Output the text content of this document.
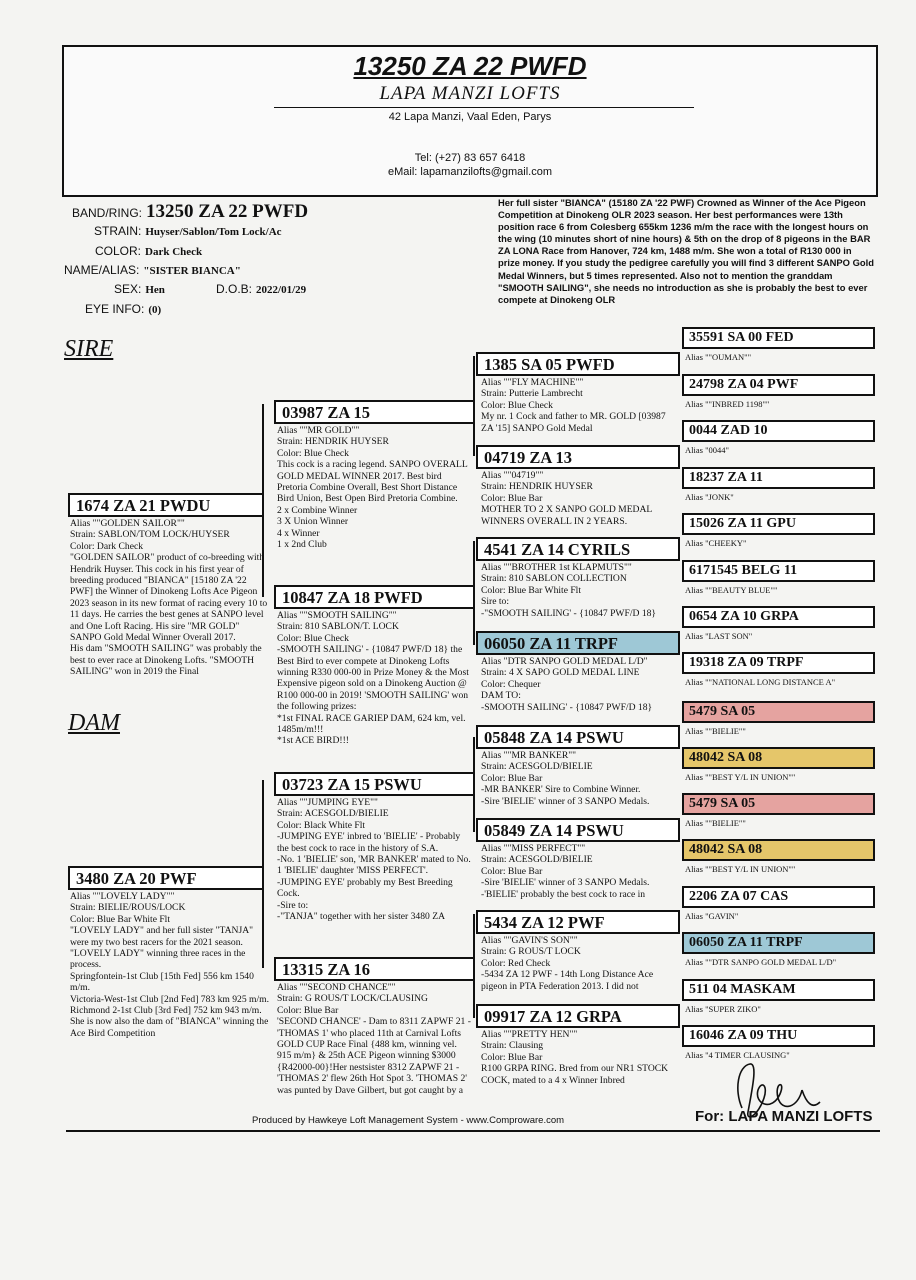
13250 ZA 22 PWFD
LAPA MANZI LOFTS
42 Lapa Manzi, Vaal Eden, Parys
Tel: (+27) 83 657 6418
eMail: lapamanzilofts@gmail.com
BAND/RING: 13250 ZA 22 PWFD
STRAIN: Huyser/Sablon/Tom Lock/Ac
COLOR: Dark Check
NAME/ALIAS: "SISTER BIANCA"
SEX: Hen	D.O.B: 2022/01/29
EYE INFO: (0)
Her full sister "BIANCA" (15180 ZA '22 PWF) Crowned as Winner of the Ace Pigeon Competition at Dinokeng OLR 2023 season. Her best performances were 13th position race 6 from Colesberg 655km 1236 m/m the race with the longest hours on the wing (10 minutes short of nine hours) & 5th on the drop of 8 pigeons in the BAR ZA LONA Race from Hanover, 724 km, 1488 m/m. She won a total of R130 000 in prize money. If you study the pedigree carefully you will find 3 different SANPO Gold Medal Winners, but 5 times represented. Also not to mention the granddam "SMOOTH SAILING", she needs no introduction as she is probably the best to ever compete at Dinokeng OLR
SIRE
DAM
1674 ZA 21 PWDU
Alias ""GOLDEN SAILOR""
Strain: SABLON/TOM LOCK/HUYSER
Color: Dark Check
"GOLDEN SAILOR" product of co-breeding with Hendrik Huyser. This cock in his first year of breeding produced "BIANCA" [15180 ZA '22 PWF] the Winner of Dinokeng Lofts Ace Pigeon 2023 season in its new format of racing every 10 to 11 days. He carries the best genes at SANPO level and One Loft Racing. His sire "MR GOLD" SANPO Gold Medal Winner Overall 2017.
His dam "SMOOTH SAILING" was probably the best to ever race at Dinokeng Lofts. "SMOOTH SAILING" won in 2019 the Final
3480 ZA 20 PWF
Alias ""LOVELY LADY""
Strain: BIELIE/ROUS/LOCK
Color: Blue Bar White Flt
"LOVELY LADY" and her full sister "TANJA" were my two best racers for the 2021 season. "LOVELY LADY" winning three races in the process.
Springfontein-1st Club [15th Fed] 556 km 1540 m/m.
Victoria-West-1st Club [2nd Fed] 783 km 925 m/m.
Richmond 2-1st Club [3rd Fed] 752 km 943 m/m.
She is now also the dam of "BIANCA" winning the Ace Bird Competition
03987 ZA 15
Alias ""MR GOLD""
Strain: HENDRIK HUYSER
Color: Blue Check
This cock is a racing legend. SANPO OVERALL GOLD MEDAL WINNER 2017. Best bird Pretoria Combine Overall, Best Short Distance Bird Union, Best Open Bird Pretoria Combine.
2 x Combine Winner
3 X Union Winner
4 x Winner
1 x 2nd Club
10847 ZA 18 PWFD
Alias ""SMOOTH SAILING""
Strain: 810 SABLON/T. LOCK
Color: Blue Check
-SMOOTH SAILING' - {10847 PWF/D 18} the Best Bird to ever compete at Dinokeng Lofts winning R330 000-00 in Prize Money & the Most Expensive pigeon sold on a Dinokeng Auction @ R100 000-00 in 2019! 'SMOOTH SAILING' won the following prizes:
*1st FINAL RACE GARIEP DAM, 624 km, vel. 1485m/m!!!
*1st ACE BIRD!!!
03723 ZA 15 PSWU
Alias ""JUMPING EYE""
Strain: ACESGOLD/BIELIE
Color: Black White Flt
-JUMPING EYE' inbred to 'BIELIE' - Probably the best cock to race in the history of S.A.
-No. 1 'BIELIE' son, 'MR BANKER' mated to No. 1 'BIELIE' daughter 'MISS PERFECT'.
-JUMPING EYE' probably my Best Breeding Cock.
-Sire to:
-"TANJA" together with her sister 3480 ZA
13315 ZA 16
Alias ""SECOND CHANCE""
Strain: G ROUS/T LOCK/CLAUSING
Color: Blue Bar
'SECOND CHANCE' - Dam to 8311 ZAPWF 21 - 'THOMAS 1' who placed 11th at Carnival Lofts GOLD CUP Race Final {488 km, winning vel. 915 m/m} & 25th ACE Pigeon winning $3000 {R42000-00}!Her nestsister 8312 ZAPWF 21 - 'THOMAS 2' flew 26th Hot Spot 3. 'THOMAS 2' was punted by Dave Gilbert, but got caught by a
1385 SA 05 PWFD
Alias ""FLY MACHINE""
Strain: Putterie Lambrecht
Color: Blue Check
My nr. 1 Cock and father to MR. GOLD [03987 ZA '15] SANPO Gold Medal
04719 ZA 13
Alias ""04719""
Strain: HENDRIK HUYSER
Color: Blue Bar
MOTHER TO 2 X SANPO GOLD MEDAL WINNERS OVERALL IN 2 YEARS.
4541 ZA 14 CYRILS
Alias ""BROTHER 1st KLAPMUTS""
Strain: 810 SABLON COLLECTION
Color: Blue Bar White Flt
Sire to:
-"SMOOTH SAILING' - {10847 PWF/D 18}
06050 ZA 11 TRPF
Alias "DTR SANPO GOLD MEDAL L/D"
Strain: 4 X SAPO GOLD MEDAL LINE
Color: Chequer
DAM TO:
-SMOOTH SAILING' - {10847 PWF/D 18}
05848 ZA 14 PSWU
Alias ""MR BANKER""
Strain: ACESGOLD/BIELIE
Color: Blue Bar
-MR BANKER' Sire to Combine Winner.
-Sire 'BIELIE' winner of 3 SANPO Medals.
05849 ZA 14 PSWU
Alias ""MISS PERFECT""
Strain: ACESGOLD/BIELIE
Color: Blue Bar
-Sire 'BIELIE' winner of 3 SANPO Medals.
-'BIELIE' probably the best cock to race in
5434 ZA 12 PWF
Alias ""GAVIN'S SON""
Strain: G ROUS/T LOCK
Color: Red Check
-5434 ZA 12 PWF - 14th Long Distance Ace pigeon in PTA Federation 2013. I did not
09917 ZA 12 GRPA
Alias ""PRETTY HEN""
Strain: Clausing
Color: Blue Bar
R100 GRPA RING. Bred from our NR1 STOCK COCK, mated to a 4 x Winner Inbred
35591 SA 00 FED
Alias ""OUMAN""
24798 ZA 04 PWF
Alias ""INBRED 1198""
0044 ZAD 10
Alias "0044"
18237 ZA 11
Alias "JONK"
15026 ZA 11 GPU
Alias "CHEEKY"
6171545 BELG 11
Alias ""BEAUTY BLUE""
0654 ZA 10 GRPA
Alias "LAST SON"
19318 ZA 09 TRPF
Alias ""NATIONAL LONG DISTANCE A"
5479 SA 05
Alias ""BIELIE""
48042 SA 08
Alias ""BEST Y/L IN UNION""
5479 SA 05
Alias ""BIELIE""
48042 SA 08
Alias ""BEST Y/L IN UNION""
2206 ZA 07 CAS
Alias "GAVIN"
06050 ZA 11 TRPF
Alias ""DTR SANPO GOLD MEDAL L/D"
511 04 MASKAM
Alias "SUPER ZIKO"
16046 ZA 09 THU
Alias "4 TIMER CLAUSING"
Produced by Hawkeye Loft Management System - www.Comproware.com	For: LAPA MANZI LOFTS
